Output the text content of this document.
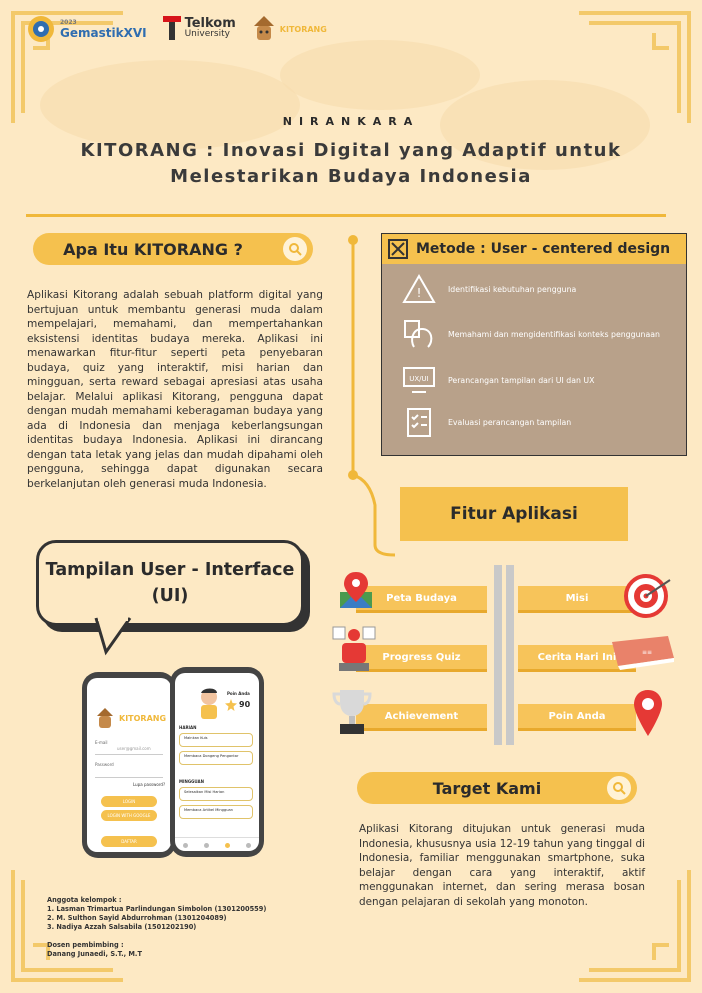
2023
GemastikXVI
Telkom
University	KITORANG
NIRANKARA
KITORANG : Inovasi Digital yang Adaptif untuk
Melestarikan Budaya Indonesia
Apa Itu KITORANG ?
Aplikasi Kitorang adalah sebuah platform digital yang bertujuan untuk membantu generasi muda dalam mempelajari, memahami, dan mempertahankan eksistensi identitas budaya mereka. Aplikasi ini menawarkan fitur-fitur seperti peta penyebaran budaya, quiz yang interaktif, misi harian dan mingguan, serta reward sebagai apresiasi atas usaha belajar. Melalui aplikasi Kitorang, pengguna dapat dengan mudah memahami keberagaman budaya yang ada di Indonesia dan menjaga keberlangsungan identitas budaya Indonesia. Aplikasi ini dirancang dengan tata letak yang jelas dan mudah dipahami oleh pengguna, sehingga dapat digunakan secara berkelanjutan oleh generasi muda Indonesia.
Metode : User - centered design
!	Identifikasi kebutuhan pengguna
Memahami dan mengidentifikasi konteks penggunaan
UX/UI Perancangan tampilan dari UI dan UX
Evaluasi perancangan tampilan
Fitur Aplikasi
Peta Budaya	Misi
Progress Quiz	Cerita Hari Ini
Achievement	Poin Anda
≡≡
Tampilan User - Interface
(UI)
KITORANG
E-mail
user@gmail.com
Password
Lupa password?
LOGIN
LOGIN WITH GOOGLE
DAFTAR
Poin Anda
90
HARIAN
Mainkan Kuis
Membaca Dongeng Pengantar
MINGGUAN
Selesaikan Misi Harian
Membaca Artikel Mingguan
Target Kami
Aplikasi Kitorang ditujukan untuk generasi muda Indonesia, khususnya usia 12-19 tahun yang tinggal di Indonesia, familiar menggunakan smartphone, suka belajar dengan cara yang interaktif, aktif menggunakan internet, dan sering merasa bosan dengan pelajaran di sekolah yang monoton.
Anggota kelompok :
1. Lasman Trimartua Parlindungan Simbolon (1301200559)
2. M. Sulthon Sayid Abdurrohman (1301204089)
3. Nadiya Azzah Salsabila (1501202190)
Dosen pembimbing :
Danang Junaedi, S.T., M.T
